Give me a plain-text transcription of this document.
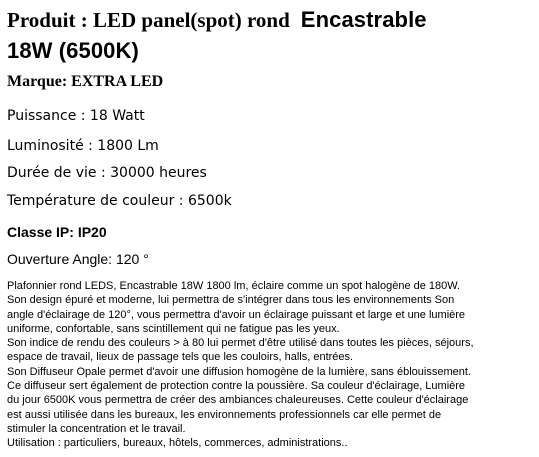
Produit : LED panel(spot) rond Encastrable
18W (6500K)

Marque: EXTRA LED

Puissance : 18 Watt

Luminosité : 1800 Lm

Durée de vie : 30000 heures

Température de couleur : 6500k

Classe IP: IP20

Ouverture Angle: 120 °

Plafonnier rond LEDS, Encastrable 18W 1800 lm, éclaire comme un spot halogène de 180W.
Son design épuré et moderne, lui permettra de s'intégrer dans tous les environnements Son
angle d'éclairage de 120°, vous permettra d'avoir un éclairage puissant et large et une lumière
uniforme, confortable, sans scintillement qui ne fatigue pas les yeux.
Son indice de rendu des couleurs > à 80 lui permet d'être utilisé dans toutes les pièces, séjours,
espace de travail, lieux de passage tels que les couloirs, halls, entrées.
Son Diffuseur Opale permet d'avoir une diffusion homogène de la lumière, sans éblouissement.
Ce diffuseur sert également de protection contre la poussière. Sa couleur d'éclairage, Lumière
du jour 6500K vous permettra de créer des ambiances chaleureuses. Cette couleur d'éclairage
est aussi utilisée dans les bureaux, les environnements professionnels car elle permet de
stimuler la concentration et le travail.
Utilisation : particuliers, bureaux, hôtels, commerces, administrations..
